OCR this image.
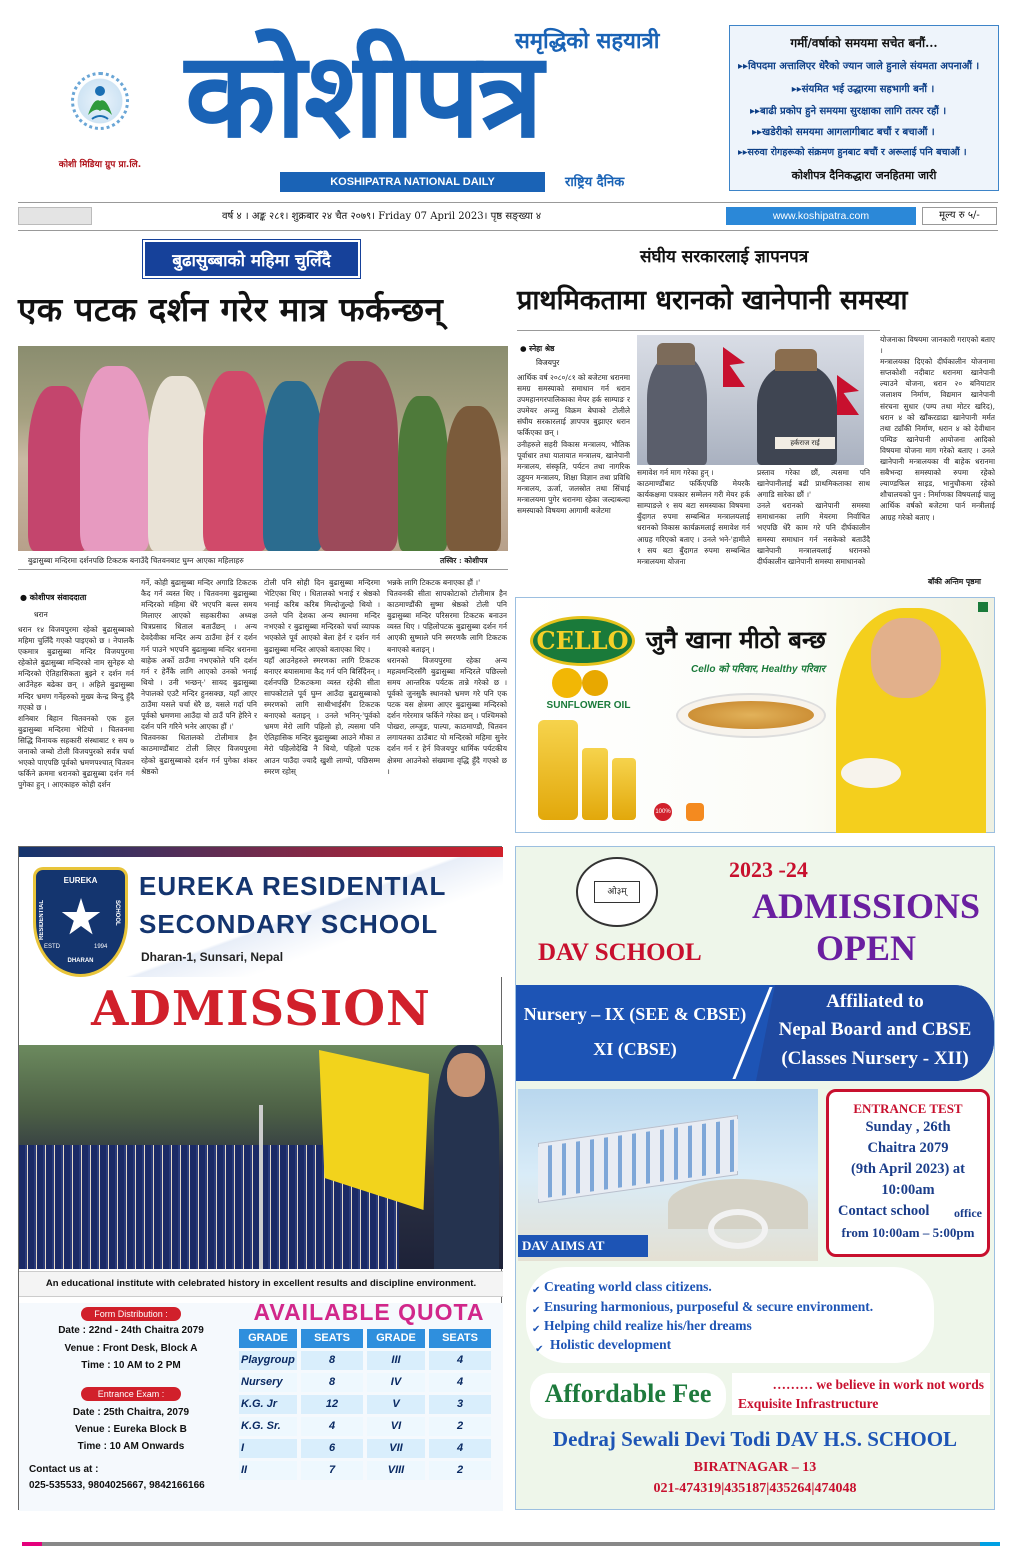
कोशी मिडिया ग्रुप प्रा.लि.
कोशीपत्र
समृद्धिको सहयात्री
KOSHIPATRA NATIONAL DAILY	राष्ट्रिय दैनिक
गर्मी/वर्षाको समयमा सचेत बनौं...
▸▸विपदमा अत्तालिएर धेरैको ज्यान जाले हुनाले संयमता अपनाऔं ।
▸▸संयमित भई उद्धारमा सहभागी बनौं ।
▸▸बाढी प्रकोप हुने समयमा सुरक्षाका लागि तत्पर रहौं ।
▸▸खडेरीको समयमा आगलागीबाट बचौं र बचाऔं ।
▸▸सरुवा रोगहरूको संक्रमण हुनबाट बचौं र अरूलाई पनि बचाऔं ।
कोशीपत्र दैनिकद्धारा जनहितमा जारी
वर्ष ४ । अङ्क २८१। शुक्रबार २४ चैत २०७९। Friday 07 April 2023। पृष्ठ सङ्ख्या ४	www.koshipatra.com	मूल्य रु ५/-
बुढासुब्बाको महिमा चुलिँदै
एक पटक दर्शन गरेर मात्र फर्कन्छन्
बुढासुब्बा मन्दिरमा दर्शनपछि टिकटक बनाउँदै चितवनबाट घुम्न आएका महिलाहरु	तस्विर : कोशीपत्र
● कोशीपत्र संवाददाता
धरान
धरान १४ विजयपुरमा रहेको बुढासुब्बाको महिमा चुलिँदै गएको पाइएको छ । नेपालकै एकमात्र बुढासुब्बा मन्दिर विजयपुरमा रहेकोले बुढासुब्बा मन्दिरको नाम सुनेहरु यो मन्दिरको ऐतिहासिकता बुझ्ने र दर्शन गर्न आउँनेहरु बढेका छन् । अहिले बुढासुब्बा मन्दिर भ्रमण गर्नेहरुको मुख्य केन्द्र बिन्दु हुँदै गएको छ ।
शनिबार बिहान चितवनको एक हुल बुढासुब्बा मन्दिरमा भेटियो । चितवनमा सिद्धि विनायक सहकारी संस्थाबाट १ सय ७ जनाको जम्बो टोली विजयपुरको सर्वत्र चर्चा भएको पाएपछि पूर्वको भ्रमणपश्चात् चितवन फर्किने क्रममा धरानको बुढासुब्बा दर्शन गर्न पुगेका हुन् । आएकाहरु कोही दर्शन
गर्ने, कोही बुढासुब्बा मन्दिर अगाडि टिकटक कैद गर्न व्यस्त थिए । चितवनमा बुढासुब्बा मन्दिरको महिमा धेरै भएपनि बल्ल समय मिलाएर आएको सहकारीका अध्यक्ष चित्रप्रसाद धिताल बताउँछन् । अन्य देवदेवीका मन्दिर अन्य ठाउँमा हेर्न र दर्शन गर्न पाउने भएपनि बुढासुब्बा मन्दिर धरानमा बाहेक अर्को ठाउँमा नभएकोले पनि दर्शन गर्न र हेर्नैकै लागि आएको उनको भनाई थियो । उनी भन्छन्-' सायद बुढासुब्बा नेपालको एउटै मन्दिर हुनसक्छ, यहाँ आएर ठाउँमा यसले चर्चा धेरै छ, यसले गर्दा पनि पूर्वको भ्रमणमा आउँदा यो ठाउँ पनि हेरिने र दर्शन पनि गरिने भनेर आएका हौं ।'
चितवनका धितालको टोलीमात्र हैन काठमाण्डौंबाट टोली लिएर विजयपुरमा रहेको बुढासुब्बाको दर्शन गर्न पुगेका शंकर श्रेष्ठको
टोली पनि सोही दिन बुढासुब्बा मन्दिरमा भेटिएका थिए । धितालको भनाई र श्रेष्ठको भनाई करिब करिब मिल्दोजुल्दो थियो । उनले पनि देशका अन्य स्थानमा मन्दिर नभएको र बुढासुब्बा मन्दिरको चर्चा व्यापक भएकोले पूर्व आएको बेला हेर्न र दर्शन गर्न बुढासुब्बा मन्दिर आएको बताएका थिए ।
यहाँ आउनेहरुले स्मरणका लागि टिकटक बनाएर बयासमामा कैद गर्न पनि बिर्सिंदैनन् । दर्शनपछि टिकटकमा व्यस्त रहेकी सीता सापकोटाले पूर्व घुम्न आउँदा बुढासुब्बाको स्मरणको लागि साथीभाईसँग टिकटक बनाएको बताइन् । उनले भनिन्-'पूर्वको भ्रमण मेरो लागि पहिलो हो, त्यसमा पनि ऐतिहासिक मन्दिर बुढासुब्बा आउने मौका त मेरो पहिलोदेखि नै थियो, पहिलो पटक आउन पाउँदा ज्यादै खुशी लाग्यो, पछिसम्म स्मरण रहोस्
भन्नके लागि टिकटक बनाएका हौं ।'
चितवनकी सीता सापकोटाको टोलीमात्र हैन काठमाण्डौंकी सुष्मा श्रेष्ठको टोली पनि बुढासुब्बा मन्दिर परिसरमा टिकटक बनाउन व्यस्त थिए । पहिलोपटक बुढासुब्बा दर्शन गर्न आएकी सुष्माले पनि स्मरणकै लागि टिकटक बनाएको बताइन् ।
धरानको विजयपुरमा रहेका अन्य महत्वमन्दिरसँगै बुढासुब्बा मन्दिरले पछिल्लो समय आन्तरिक पर्यटक तान्ने गरेको छ । पूर्वको जुनसुकै स्थानको भ्रमण गरे पनि एक पटक यस क्षेत्रमा आएर बुढासुब्बा मन्दिरको दर्शन गरेरमात्र फर्किने गरेका छन् । पश्चिमको पोखरा, लम्जुङ, पाल्पा, काठमाण्डौ, चितवन लगायतका ठाउँबाट यो मन्दिरको महिमा सुनेर दर्शन गर्न र हेर्न विजयपुर धार्मिक पर्यटकीय क्षेत्रमा आउनेको संख्यामा वृद्धि हुँदै गएको छ ।
संघीय सरकारलाई ज्ञापनपत्र
प्राथमिकतामा धरानको खानेपानी समस्या
● स्नेहा श्रेष्ठ
विजयपुर
हर्कराज राई
आर्थिक वर्ष २०८०/८१ को बजेटमा धरानमा समग्र समस्याको समाधान गर्न धरान उपमहानगरपालिकाका मेयर हर्क साम्पाङ र उपमेयर अञ्जु विक्रम बेघाको टोलीले संघीय सरकारलाई ज्ञापपत्र बुझाएर धरान फर्किएका छन् ।
उनीहरुले सहरी विकास मन्त्रालय, भौतिक पूर्वाधार तथा यातायात मन्त्रालय, खानेपानी मन्त्रालय, संस्कृति, पर्यटन तथा नागरिक उड्डयन मन्त्रालय, शिक्षा विज्ञान तथा प्रविधि मन्त्रालय, ऊर्जा, जलस्रोत तथा सिंचाई मन्त्रालयमा पुगेर धरानमा रहेका जल्दाबल्दा समस्याको विषयमा आगामी बजेटमा
समावेश गर्न माग गरेका हुन् ।
काठमाण्डौंबाट फर्किएपछि मेयरकै कार्यकक्षमा पत्रकार सम्मेलन गरी मेयर हर्क साम्पाङले १ सय बटा समस्याका विषयमा बुँदागत रुपमा सम्बन्धित मन्त्रालयलाई धरानको विकास कार्यक्रमलाई समावेश गर्न आग्रह गरिएको बताए । उनले भने-'हामीले १ सय बटा बुँदागत रुपमा सम्बन्धित मन्त्रालयमा योजना
प्रस्ताव गरेका छौं, त्यसमा पनि खानेपानीलाई बढी प्राथमिकताका साथ अगाडि सारेका छौं ।'
उनले धरानको खानेपानी समस्या समाधानका लागि मेयरमा निर्वाचित भएपछि धेरै काम गरे पनि दीर्घकालीन समस्या समाधान गर्न नसकेको बताउँदै खानेपानी मन्त्रालयलाई धरानको दीर्घकालीन खानेपानी समस्या समाधानको
योजनाका विषयमा जानकारी गराएको बताए ।
मन्त्रालयका दिएको दीर्घकालीन योजनामा सप्तकोशी नदीबाट धरानमा खानेपानी ल्याउने योजना, धरान २० बनियाटार जलाशय निर्माण, विद्यमान खानेपानी संरचना सुधार (पम्प तथा मोटर खरिद), धरान ४ को खाँकरडाढा खानेपानी मर्मत तथा ट्याँकी निर्माण, धरान ४ को देवीथान पम्पिङ खानेपानी आयोजना आदिको विषयमा योजना माग गरेको बताए । उनले खानेपानी मन्त्रालयका यी बाहेक धरानमा सबैभन्दा समस्याको रुपमा रहेको ल्याण्डफिल साइड, भानुचौकमा रहेको शौचालयको पुन : निर्माणका विषयलाई चालु आर्थिक वर्षको बजेटमा पार्न मन्त्रीलाई आग्रह गरेको बताए ।
बाँकी अन्तिम पृष्ठमा
CELLO
SUNFLOWER OIL
जुनै खाना मीठो बन्छ
Cello को परिवार, Healthy परिवार
100%
EUREKA
RESIDENTIAL	SCHOOL
ESTD	1994
DHARAN
EUREKA RESIDENTIAL
SECONDARY SCHOOL
Dharan-1, Sunsari, Nepal
ADMISSION
An educational institute with celebrated history in excellent results and discipline environment.
Form Distribution :
Date : 22nd - 24th Chaitra 2079
Venue : Front Desk, Block A
Time : 10 AM to 2 PM
Entrance Exam :
Date : 25th Chaitra, 2079
Venue : Eureka Block B
Time : 10 AM Onwards
Contact us at :
025-535533, 9804025667, 9842166166
AVAILABLE QUOTA
GRADE	SEATS	GRADE	SEATS
Playgroup	8	III	4
Nursery	8	IV	4
K.G. Jr	12	V	3
K.G. Sr.	4	VI	2
I	6	VII	4
II	7	VIII	2
ओ३म्
DAV SCHOOL
2023 -24
ADMISSIONS
OPEN
Nursery – IX (SEE & CBSE)
XI (CBSE)
Affiliated to
Nepal Board and CBSE
(Classes Nursery - XII)
DAV AIMS AT
ENTRANCE TEST
Sunday , 26th
Chaitra 2079
(9th April 2023) at
10:00am
Contact school office
from 10:00am – 5:00pm
Creating world class citizens.
Ensuring harmonious, purposeful & secure environment.
Helping child realize his/her dreams
Holistic development
✔
✔
✔
✔
Affordable Fee	……… we believe in work not words
Exquisite Infrastructure
Dedraj Sewali Devi Todi DAV H.S. SCHOOL
BIRATNAGAR – 13
021-474319|435187|435264|474048
